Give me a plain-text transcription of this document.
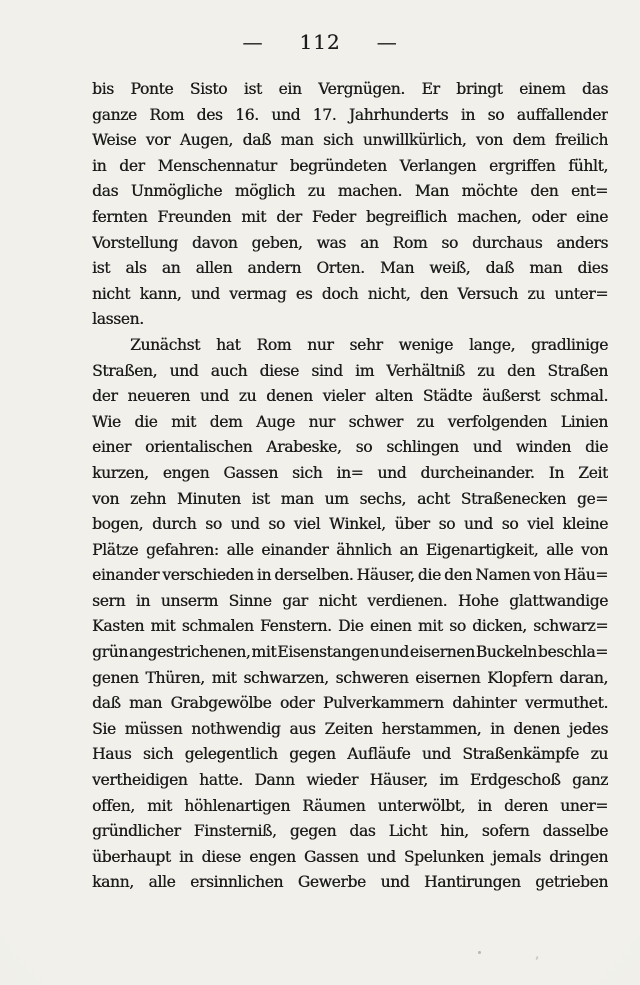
— 112 —
bis Ponte Sisto ist ein Vergnügen. Er bringt einem das
ganze Rom des 16. und 17. Jahrhunderts in so auffallender
Weise vor Augen, daß man sich unwillkürlich, von dem freilich
in der Menschennatur begründeten Verlangen ergriffen fühlt,
das Unmögliche möglich zu machen. Man möchte den ent=
fernten Freunden mit der Feder begreiflich machen, oder eine
Vorstellung davon geben, was an Rom so durchaus anders
ist als an allen andern Orten. Man weiß, daß man dies
nicht kann, und vermag es doch nicht, den Versuch zu unter=
lassen.
Zunächst hat Rom nur sehr wenige lange, gradlinige
Straßen, und auch diese sind im Verhältniß zu den Straßen
der neueren und zu denen vieler alten Städte äußerst schmal.
Wie die mit dem Auge nur schwer zu verfolgenden Linien
einer orientalischen Arabeske, so schlingen und winden die
kurzen, engen Gassen sich in= und durcheinander. In Zeit
von zehn Minuten ist man um sechs, acht Straßenecken ge=
bogen, durch so und so viel Winkel, über so und so viel kleine
Plätze gefahren: alle einander ähnlich an Eigenartigkeit, alle von
einander verschieden in derselben. Häuser, die den Namen von Häu=
sern in unserm Sinne gar nicht verdienen. Hohe glattwandige
Kasten mit schmalen Fenstern. Die einen mit so dicken, schwarz=
grün angestrichenen, mit Eisenstangen und eisernen Buckeln beschla=
genen Thüren, mit schwarzen, schweren eisernen Klopfern daran,
daß man Grabgewölbe oder Pulverkammern dahinter vermuthet.
Sie müssen nothwendig aus Zeiten herstammen, in denen jedes
Haus sich gelegentlich gegen Aufläufe und Straßenkämpfe zu
vertheidigen hatte. Dann wieder Häuser, im Erdgeschoß ganz
offen, mit höhlenartigen Räumen unterwölbt, in deren uner=
gründlicher Finsterniß, gegen das Licht hin, sofern dasselbe
überhaupt in diese engen Gassen und Spelunken jemals dringen
kann, alle ersinnlichen Gewerbe und Hantirungen getrieben
